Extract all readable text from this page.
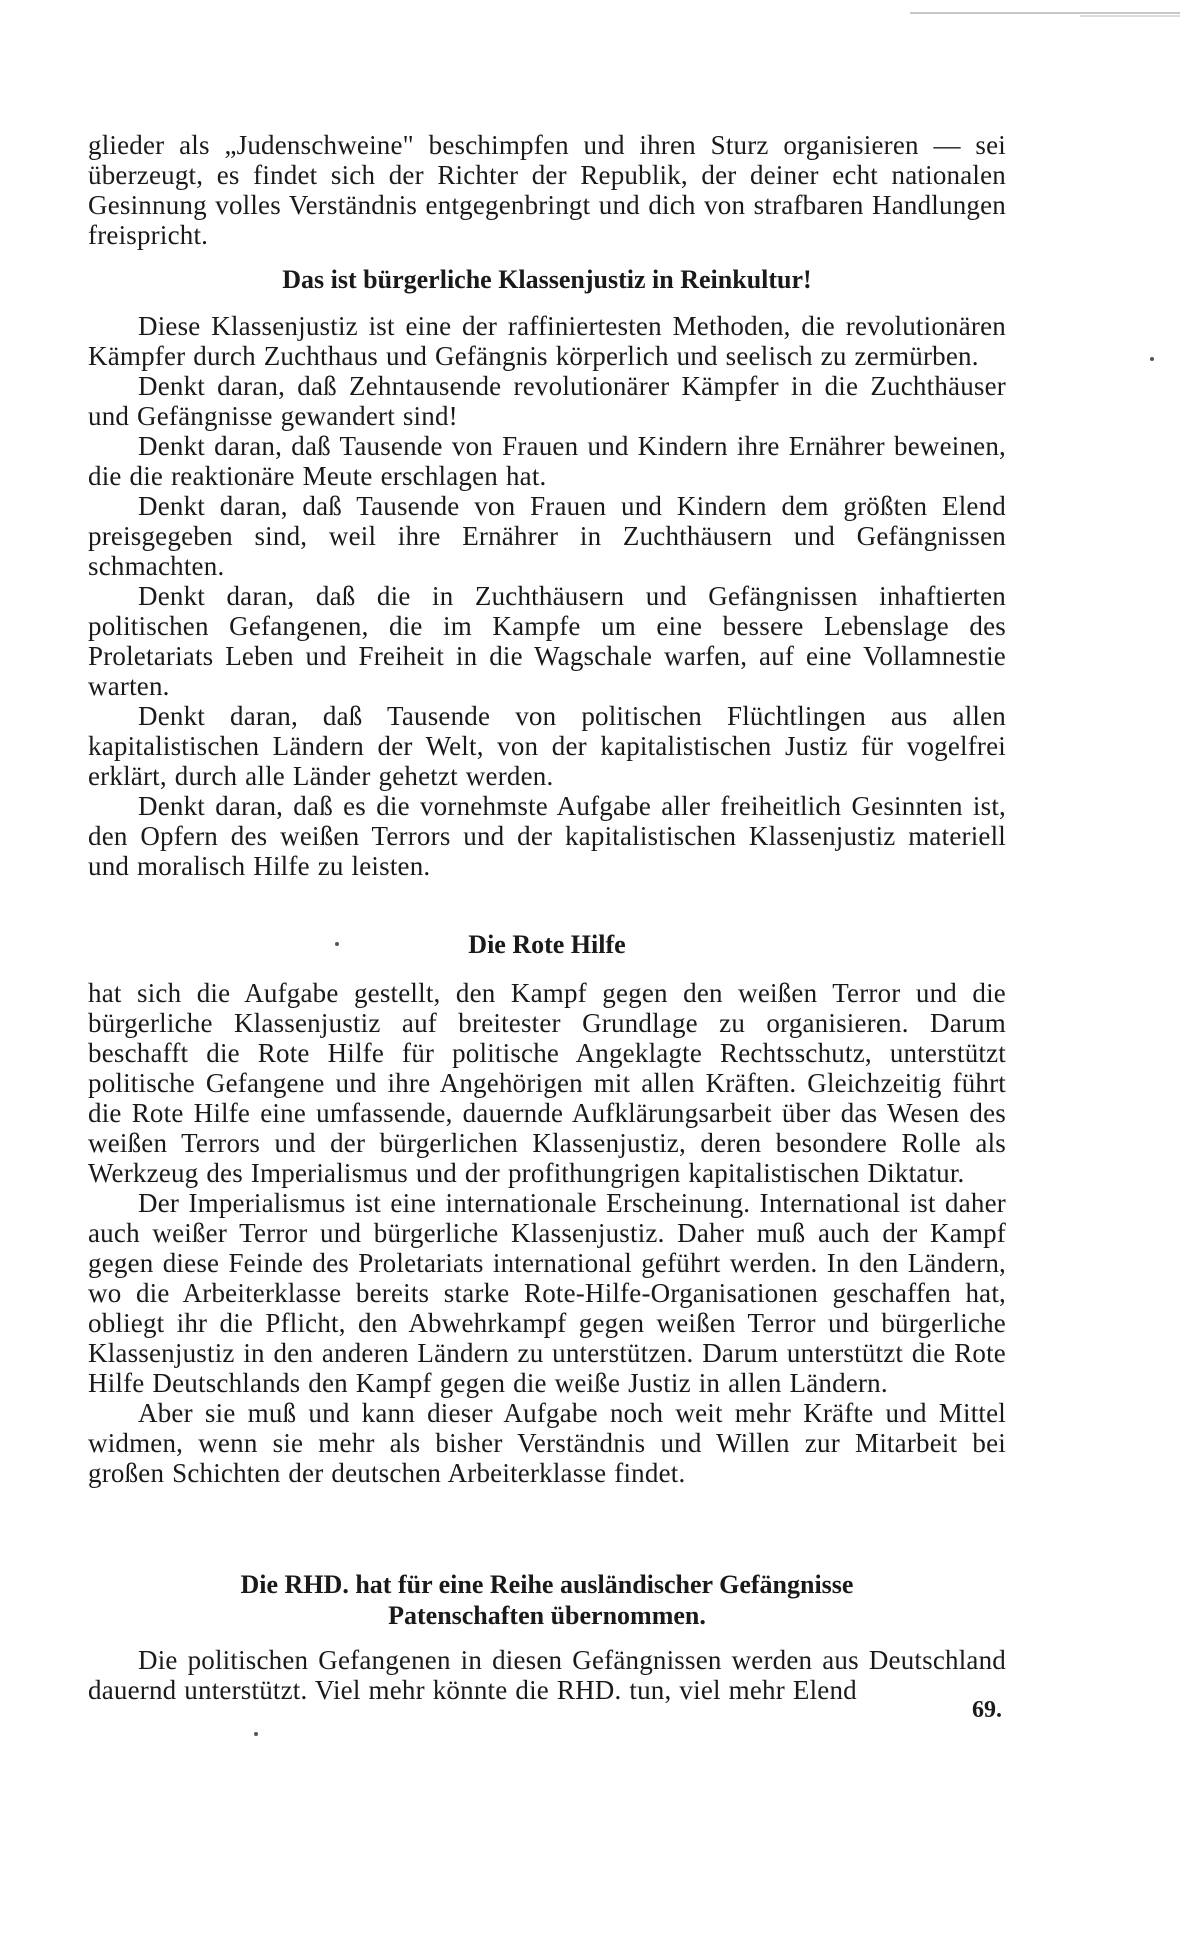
glieder als „Judenschweine" beschimpfen und ihren Sturz organisieren — sei überzeugt, es findet sich der Richter der Republik, der deiner echt nationalen Gesinnung volles Verständnis entgegenbringt und dich von strafbaren Handlungen freispricht.

Das ist bürgerliche Klassenjustiz in Reinkultur!

Diese Klassenjustiz ist eine der raffiniertesten Methoden, die revolutionären Kämpfer durch Zuchthaus und Gefängnis körperlich und seelisch zu zermürben.

Denkt daran, daß Zehntausende revolutionärer Kämpfer in die Zuchthäuser und Gefängnisse gewandert sind!

Denkt daran, daß Tausende von Frauen und Kindern ihre Ernährer beweinen, die die reaktionäre Meute erschlagen hat.

Denkt daran, daß Tausende von Frauen und Kindern dem größten Elend preisgegeben sind, weil ihre Ernährer in Zuchthäusern und Gefängnissen schmachten.

Denkt daran, daß die in Zuchthäusern und Gefängnissen inhaftierten politischen Gefangenen, die im Kampfe um eine bessere Lebenslage des Proletariats Leben und Freiheit in die Wagschale warfen, auf eine Vollamnestie warten.

Denkt daran, daß Tausende von politischen Flüchtlingen aus allen kapitalistischen Ländern der Welt, von der kapitalistischen Justiz für vogelfrei erklärt, durch alle Länder gehetzt werden.

Denkt daran, daß es die vornehmste Aufgabe aller freiheitlich Gesinnten ist, den Opfern des weißen Terrors und der kapitalistischen Klassenjustiz materiell und moralisch Hilfe zu leisten.

Die Rote Hilfe

hat sich die Aufgabe gestellt, den Kampf gegen den weißen Terror und die bürgerliche Klassenjustiz auf breitester Grundlage zu organisieren. Darum beschafft die Rote Hilfe für politische Angeklagte Rechtsschutz, unterstützt politische Gefangene und ihre Angehörigen mit allen Kräften. Gleichzeitig führt die Rote Hilfe eine umfassende, dauernde Aufklärungsarbeit über das Wesen des weißen Terrors und der bürgerlichen Klassenjustiz, deren besondere Rolle als Werkzeug des Imperialismus und der profithungrigen kapitalistischen Diktatur.

Der Imperialismus ist eine internationale Erscheinung. International ist daher auch weißer Terror und bürgerliche Klassenjustiz. Daher muß auch der Kampf gegen diese Feinde des Proletariats international geführt werden. In den Ländern, wo die Arbeiterklasse bereits starke Rote-Hilfe-Organisationen geschaffen hat, obliegt ihr die Pflicht, den Abwehrkampf gegen weißen Terror und bürgerliche Klassenjustiz in den anderen Ländern zu unterstützen. Darum unterstützt die Rote Hilfe Deutschlands den Kampf gegen die weiße Justiz in allen Ländern.

Aber sie muß und kann dieser Aufgabe noch weit mehr Kräfte und Mittel widmen, wenn sie mehr als bisher Verständnis und Willen zur Mitarbeit bei großen Schichten der deutschen Arbeiterklasse findet.

Die RHD. hat für eine Reihe ausländischer Gefängnisse
Patenschaften übernommen.

Die politischen Gefangenen in diesen Gefängnissen werden aus Deutschland dauernd unterstützt. Viel mehr könnte die RHD. tun, viel mehr Elend

69.
